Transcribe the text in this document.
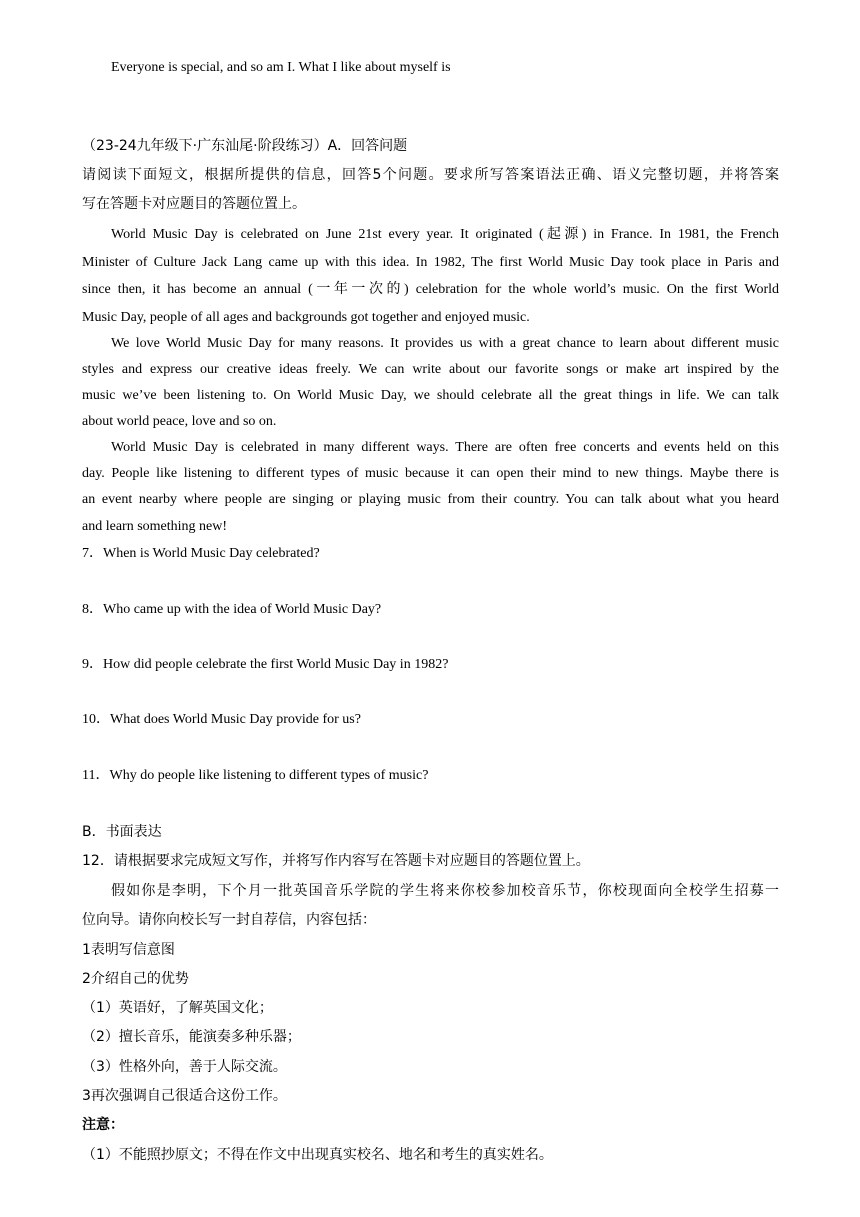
Everyone is special, and so am I. What I like about myself is
（23-24九年级下·广东汕尾·阶段练习）A．回答问题
请阅读下面短文，根据所提供的信息，回答5个问题。要求所写答案语法正确、语义完整切题，并将答案
写在答题卡对应题目的答题位置上。
World Music Day is celebrated on June 21st every year. It originated (起源) in France. In 1981, the French
Minister of Culture Jack Lang came up with this idea. In 1982, The first World Music Day took place in Paris and
since then, it has become an annual (一年一次的) celebration for the whole world’s music. On the first World
Music Day, people of all ages and backgrounds got together and enjoyed music.
We love World Music Day for many reasons. It provides us with a great chance to learn about different music
styles and express our creative ideas freely. We can write about our favorite songs or make art inspired by the
music we’ve been listening to. On World Music Day, we should celebrate all the great things in life. We can talk
about world peace, love and so on.
World Music Day is celebrated in many different ways. There are often free concerts and events held on this
day. People like listening to different types of music because it can open their mind to new things. Maybe there is
an event nearby where people are singing or playing music from their country. You can talk about what you heard
and learn something new!
7．When is World Music Day celebrated?
8．Who came up with the idea of World Music Day?
9．How did people celebrate the first World Music Day in 1982?
10．What does World Music Day provide for us?
11．Why do people like listening to different types of music?
B．书面表达
12．请根据要求完成短文写作，并将写作内容写在答题卡对应题目的答题位置上。
假如你是李明，下个月一批英国音乐学院的学生将来你校参加校音乐节，你校现面向全校学生招募一
位向导。请你向校长写一封自荐信，内容包括：
1表明写信意图
2介绍自己的优势
（1）英语好，了解英国文化；
（2）擅长音乐，能演奏多种乐器；
（3）性格外向，善于人际交流。
3再次强调自己很适合这份工作。
注意：
（1）不能照抄原文；不得在作文中出现真实校名、地名和考生的真实姓名。
